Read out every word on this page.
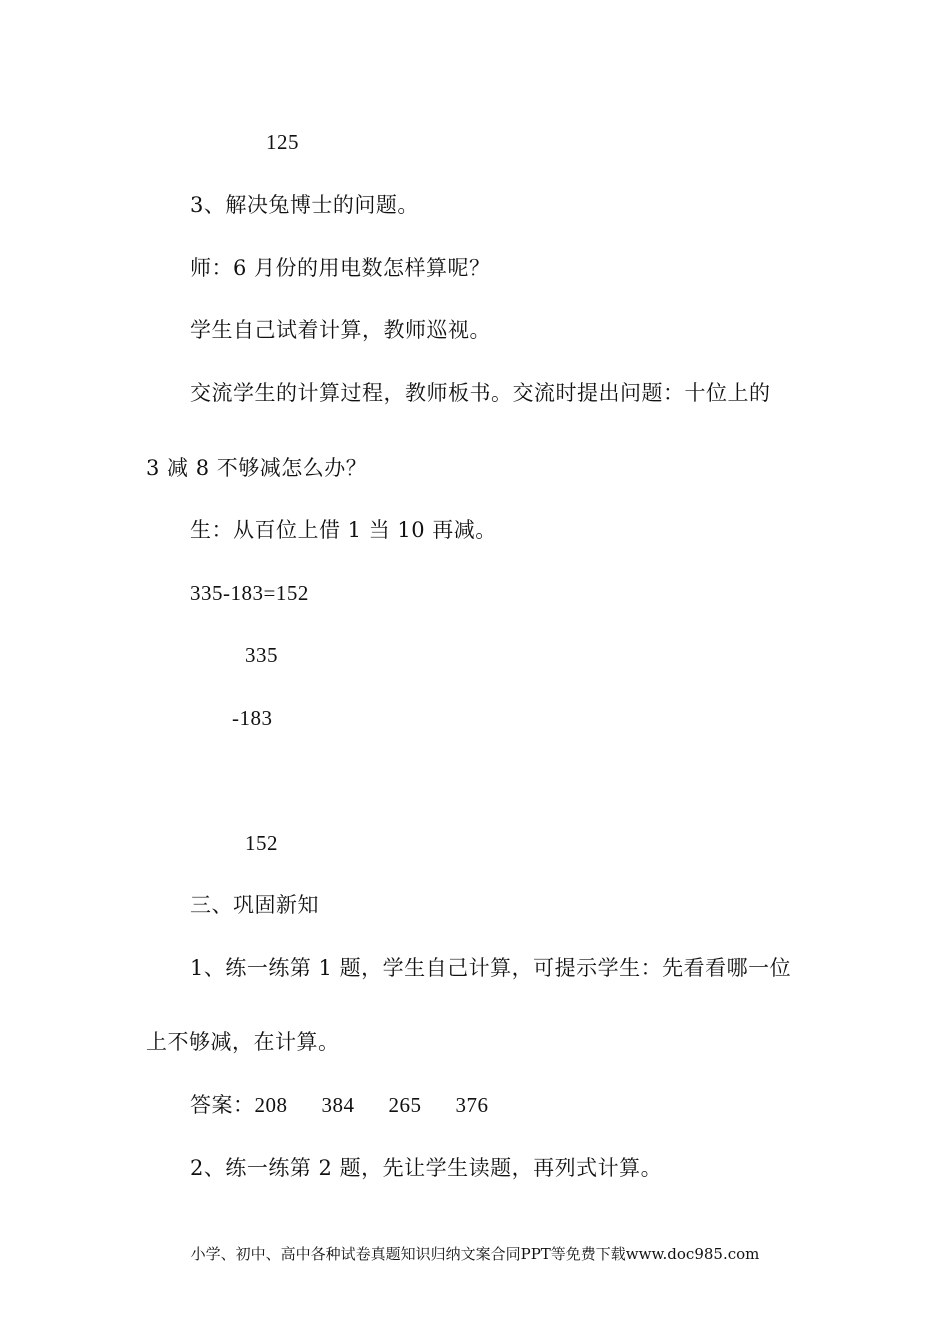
125
3、解决兔博士的问题。
师：6 月份的用电数怎样算呢？
学生自己试着计算，教师巡视。
交流学生的计算过程，教师板书。交流时提出问题：十位上的
3 减 8 不够减怎么办？
生：从百位上借 1 当 10 再减。
335-183=152
335
-183
152
三、巩固新知
1、练一练第 1 题，学生自己计算，可提示学生：先看看哪一位
上不够减，在计算。
答案：208 384 265 376
2、练一练第 2 题，先让学生读题，再列式计算。
小学、初中、高中各种试卷真题知识归纳文案合同PPT等免费下载www.doc985.com
